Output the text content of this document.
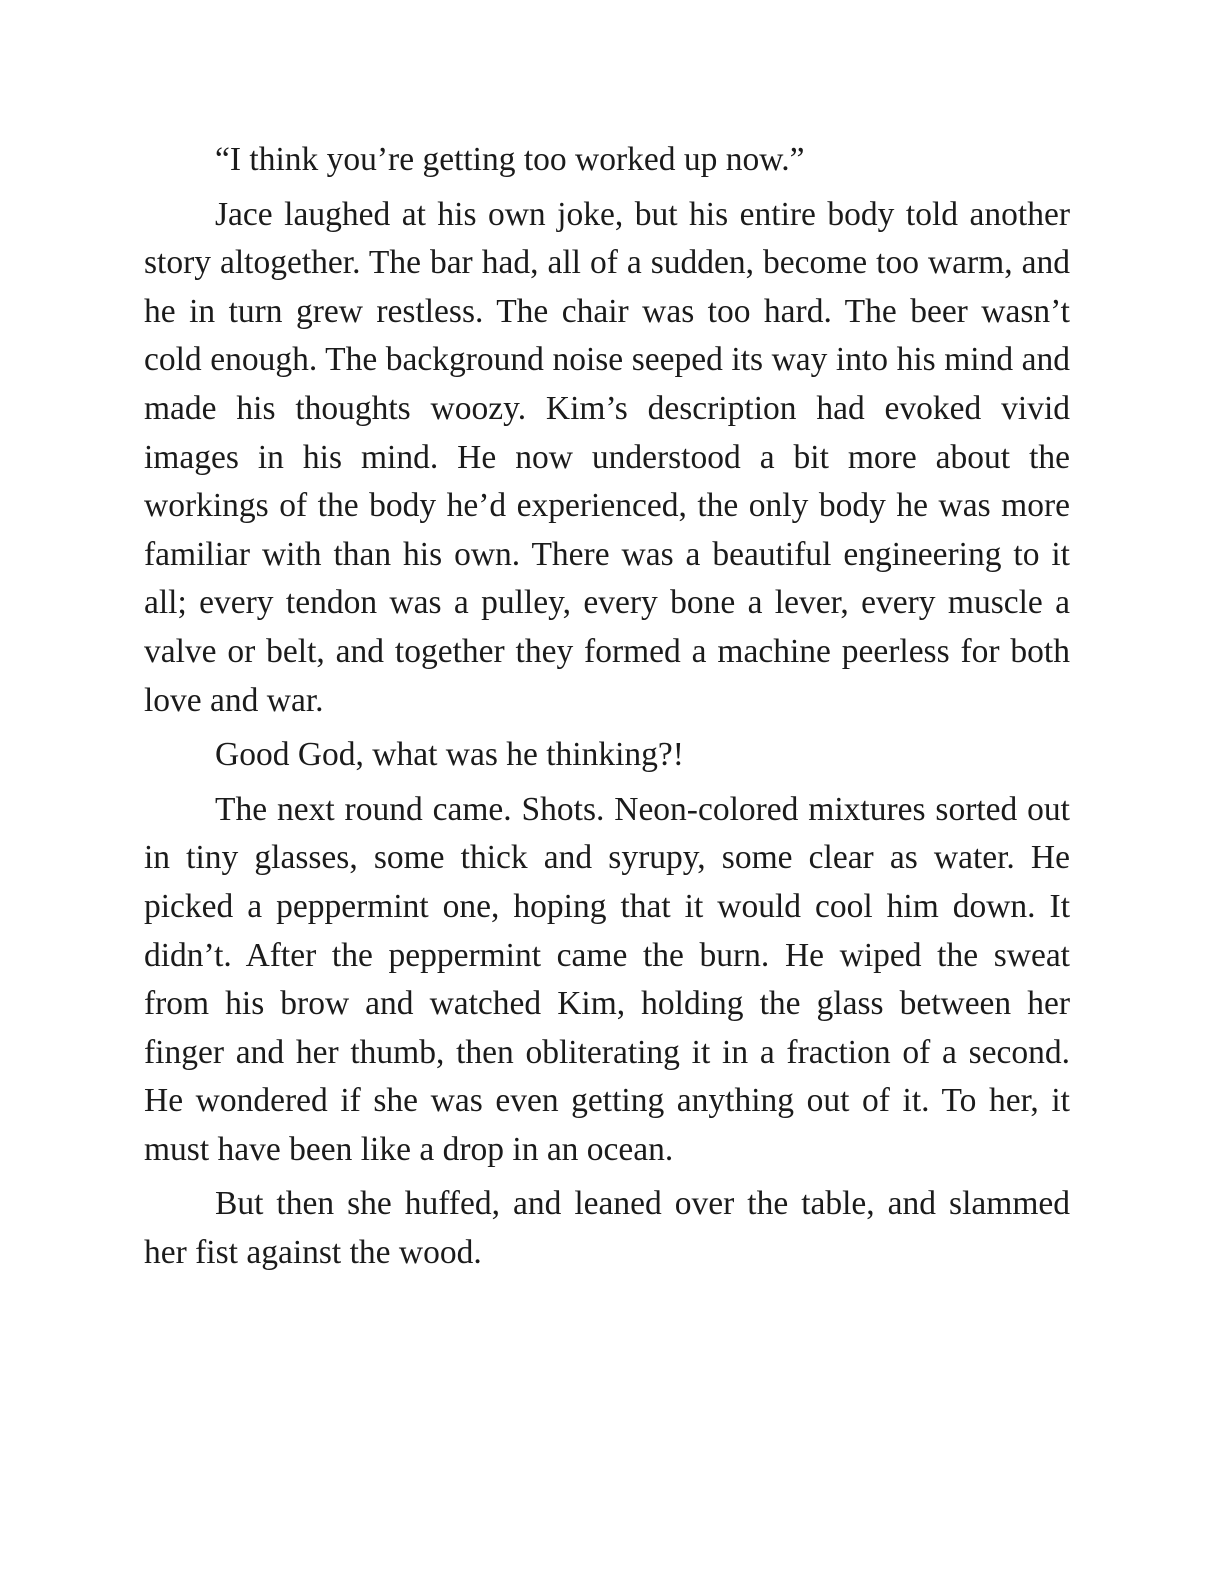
“I think you’re getting too worked up now.”

Jace laughed at his own joke, but his entire body told another story altogether. The bar had, all of a sudden, become too warm, and he in turn grew restless. The chair was too hard. The beer wasn’t cold enough. The background noise seeped its way into his mind and made his thoughts woozy. Kim’s description had evoked vivid images in his mind. He now understood a bit more about the workings of the body he’d experienced, the only body he was more familiar with than his own. There was a beautiful engineering to it all; every tendon was a pulley, every bone a lever, every muscle a valve or belt, and together they formed a machine peerless for both love and war.

Good God, what was he thinking?!

The next round came. Shots. Neon-colored mixtures sorted out in tiny glasses, some thick and syrupy, some clear as water. He picked a peppermint one, hoping that it would cool him down. It didn’t. After the peppermint came the burn. He wiped the sweat from his brow and watched Kim, holding the glass between her finger and her thumb, then obliterating it in a fraction of a second. He wondered if she was even getting anything out of it. To her, it must have been like a drop in an ocean.

But then she huffed, and leaned over the table, and slammed her fist against the wood.
